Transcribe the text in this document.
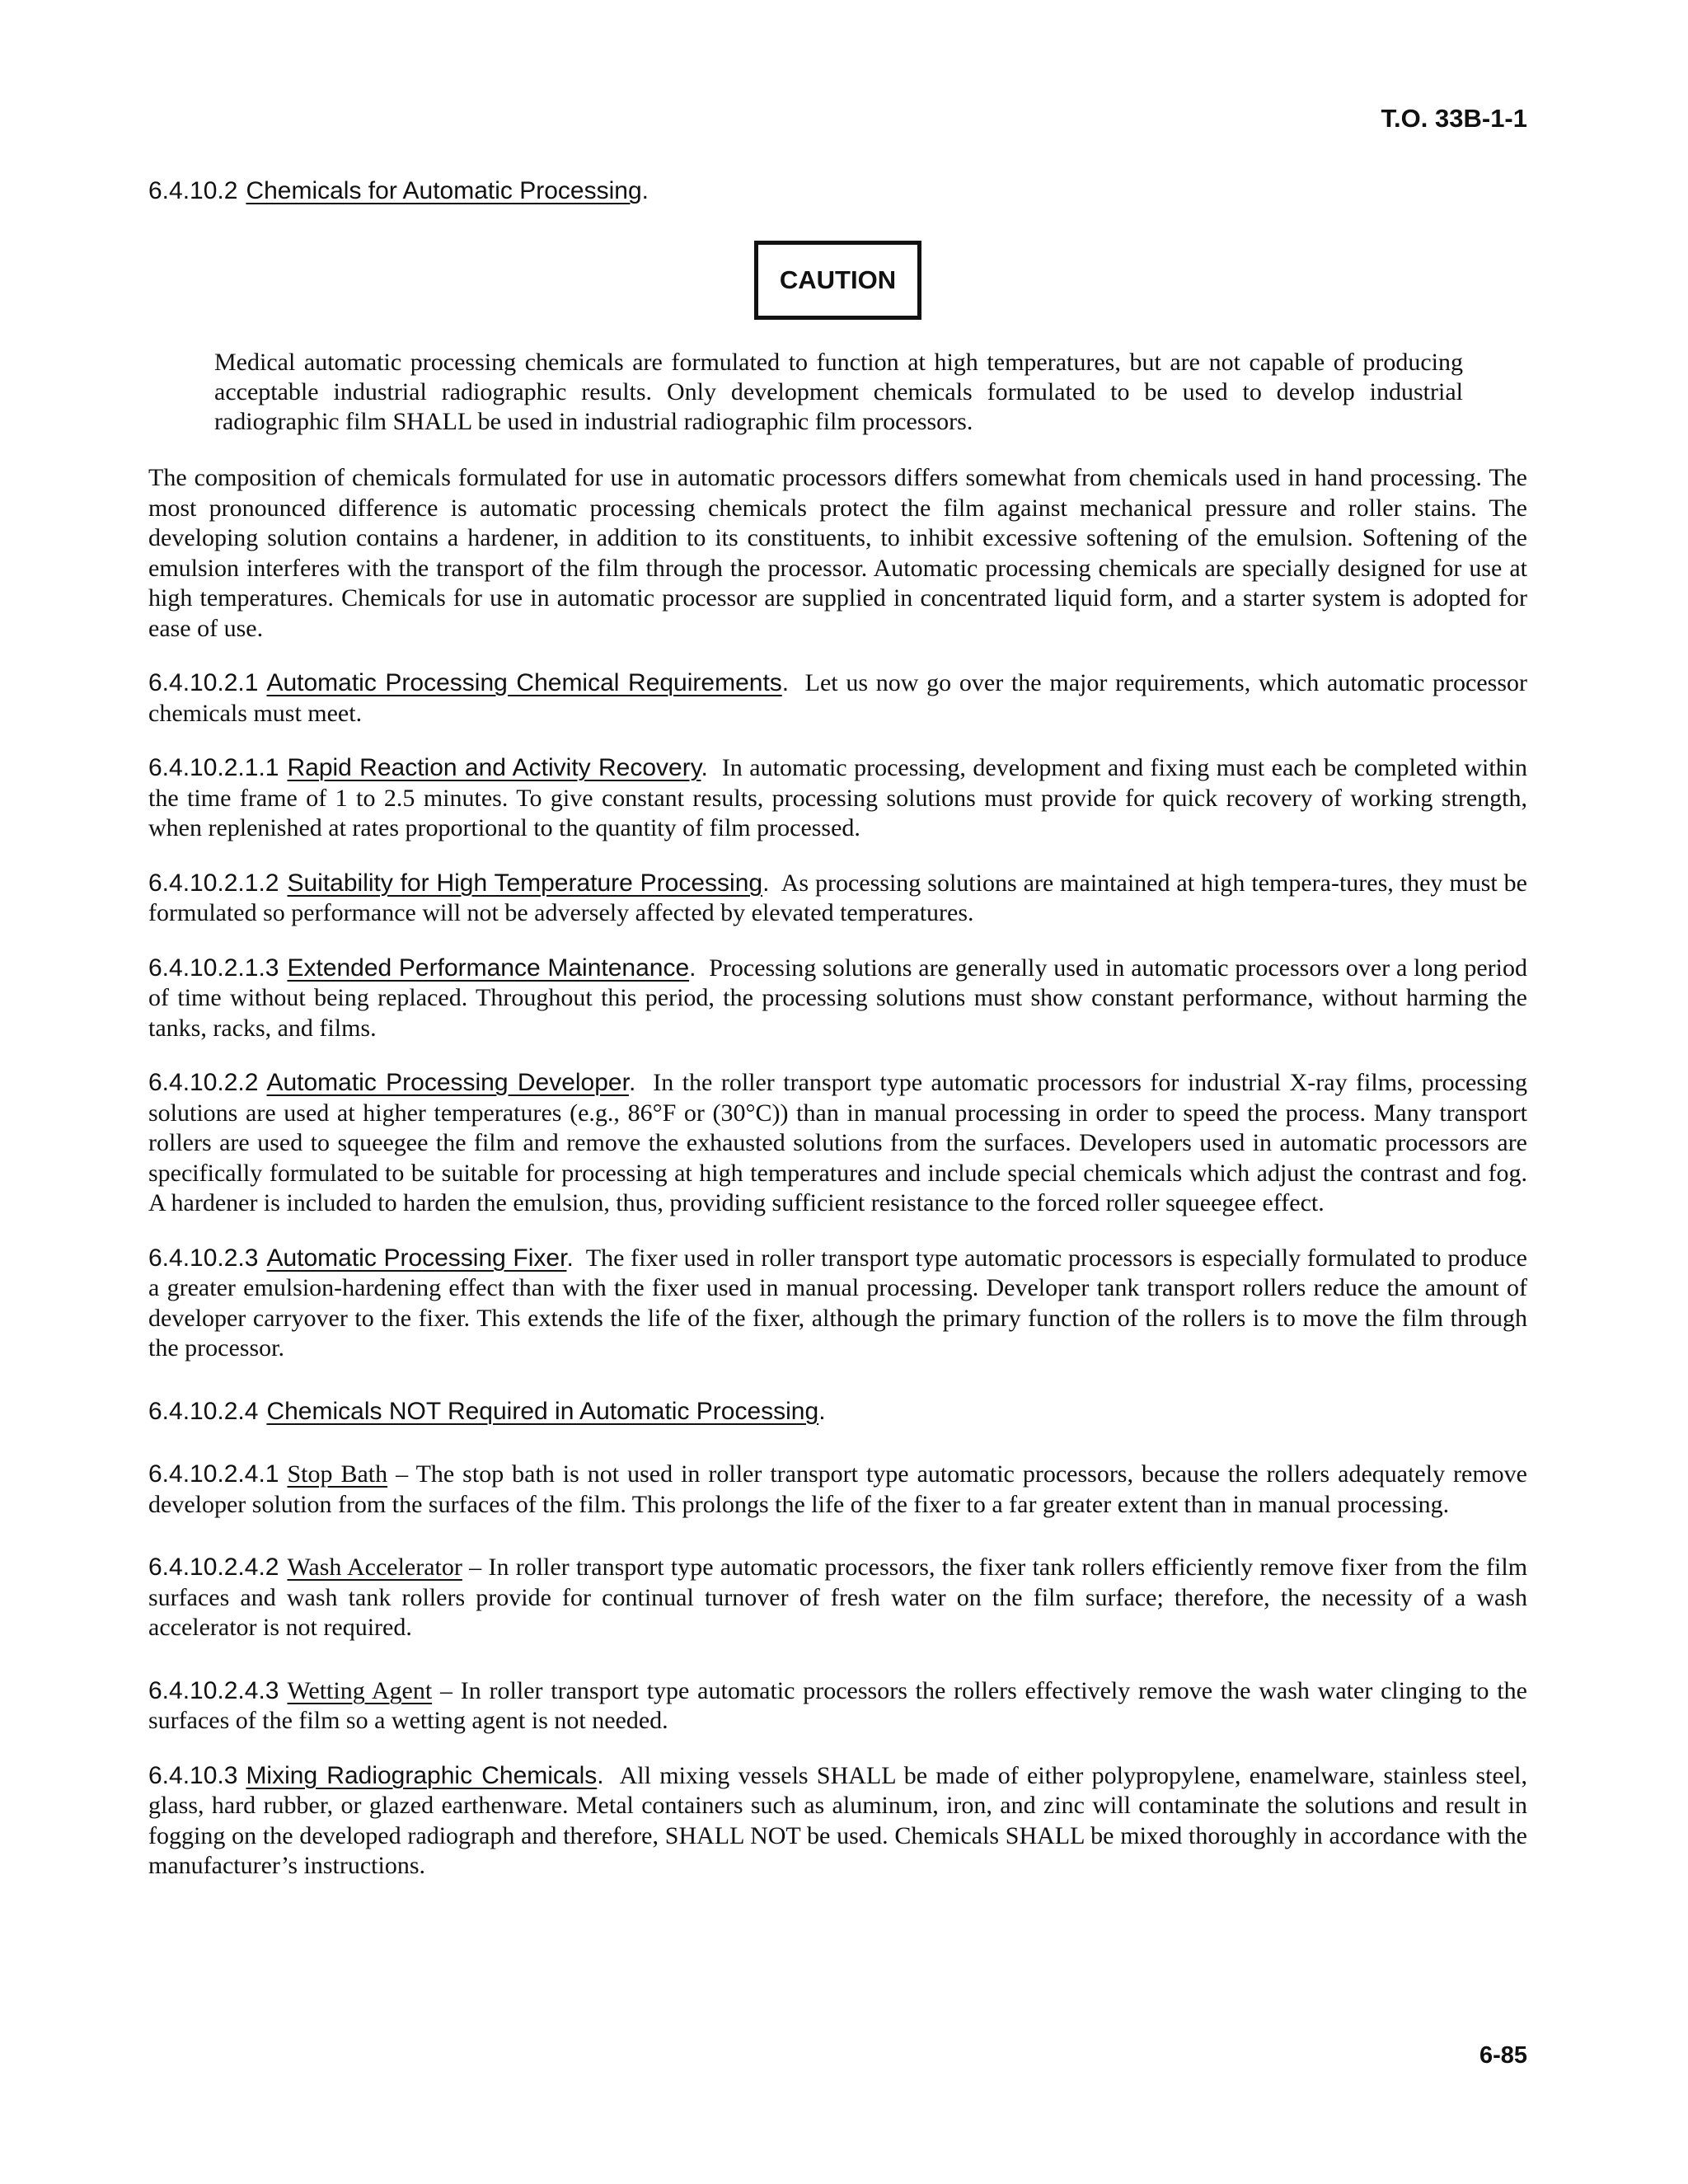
T.O. 33B-1-1
6.4.10.2 Chemicals for Automatic Processing.
CAUTION

Medical automatic processing chemicals are formulated to function at high temperatures, but are not capable of producing acceptable industrial radiographic results. Only development chemicals formulated to be used to develop industrial radiographic film SHALL be used in industrial radiographic film processors.

The composition of chemicals formulated for use in automatic processors differs somewhat from chemicals used in hand processing. The most pronounced difference is automatic processing chemicals protect the film against mechanical pressure and roller stains. The developing solution contains a hardener, in addition to its constituents, to inhibit excessive softening of the emulsion. Softening of the emulsion interferes with the transport of the film through the processor. Automatic processing chemicals are specially designed for use at high temperatures. Chemicals for use in automatic processor are supplied in concentrated liquid form, and a starter system is adopted for ease of use.

6.4.10.2.1 Automatic Processing Chemical Requirements. Let us now go over the major requirements, which automatic processor chemicals must meet.

6.4.10.2.1.1 Rapid Reaction and Activity Recovery. In automatic processing, development and fixing must each be completed within the time frame of 1 to 2.5 minutes. To give constant results, processing solutions must provide for quick recovery of working strength, when replenished at rates proportional to the quantity of film processed.

6.4.10.2.1.2 Suitability for High Temperature Processing. As processing solutions are maintained at high tempera-tures, they must be formulated so performance will not be adversely affected by elevated temperatures.

6.4.10.2.1.3 Extended Performance Maintenance. Processing solutions are generally used in automatic processors over a long period of time without being replaced. Throughout this period, the processing solutions must show constant performance, without harming the tanks, racks, and films.

6.4.10.2.2 Automatic Processing Developer. In the roller transport type automatic processors for industrial X-ray films, processing solutions are used at higher temperatures (e.g., 86°F or (30°C)) than in manual processing in order to speed the process. Many transport rollers are used to squeegee the film and remove the exhausted solutions from the surfaces. Developers used in automatic processors are specifically formulated to be suitable for processing at high temperatures and include special chemicals which adjust the contrast and fog. A hardener is included to harden the emulsion, thus, providing sufficient resistance to the forced roller squeegee effect.

6.4.10.2.3 Automatic Processing Fixer. The fixer used in roller transport type automatic processors is especially formulated to produce a greater emulsion-hardening effect than with the fixer used in manual processing. Developer tank transport rollers reduce the amount of developer carryover to the fixer. This extends the life of the fixer, although the primary function of the rollers is to move the film through the processor.

6.4.10.2.4 Chemicals NOT Required in Automatic Processing.

6.4.10.2.4.1 Stop Bath – The stop bath is not used in roller transport type automatic processors, because the rollers adequately remove developer solution from the surfaces of the film. This prolongs the life of the fixer to a far greater extent than in manual processing.

6.4.10.2.4.2 Wash Accelerator – In roller transport type automatic processors, the fixer tank rollers efficiently remove fixer from the film surfaces and wash tank rollers provide for continual turnover of fresh water on the film surface; therefore, the necessity of a wash accelerator is not required.

6.4.10.2.4.3 Wetting Agent – In roller transport type automatic processors the rollers effectively remove the wash water clinging to the surfaces of the film so a wetting agent is not needed.

6.4.10.3 Mixing Radiographic Chemicals. All mixing vessels SHALL be made of either polypropylene, enamelware, stainless steel, glass, hard rubber, or glazed earthenware. Metal containers such as aluminum, iron, and zinc will contaminate the solutions and result in fogging on the developed radiograph and therefore, SHALL NOT be used. Chemicals SHALL be mixed thoroughly in accordance with the manufacturer’s instructions.

6-85
